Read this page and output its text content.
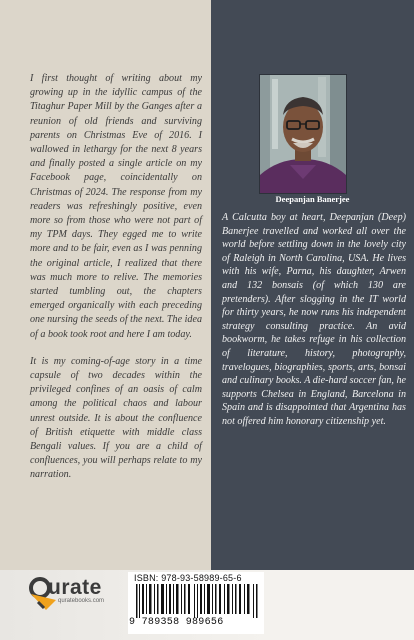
I first thought of writing about my growing up in the idyllic campus of the Titaghur Paper Mill by the Ganges after a reunion of old friends and surviving parents on Christmas Eve of 2016. I wallowed in lethargy for the next 8 years and finally posted a single article on my Facebook page, coincidentally on Christmas of 2024. The response from my readers was refreshingly positive, even more so from those who were not part of my TPM days. They egged me to write more and to be fair, even as I was penning the original article, I realized that there was much more to relive. The memories started tumbling out, the chapters emerged organically with each preceding one nursing the seeds of the next. The idea of a book took root and here I am today.

It is my coming-of-age story in a time capsule of two decades within the privileged confines of an oasis of calm among the political chaos and labour unrest outside. It is about the confluence of British etiquette with middle class Bengali values. If you are a child of confluences, you will perhaps relate to my narration.

Deepanjan Banerjee
A Calcutta boy at heart, Deepanjan (Deep) Banerjee travelled and worked all over the world before settling down in the lovely city of Raleigh in North Carolina, USA. He lives with his wife, Parna, his daughter, Arwen and 132 bonsais (of which 130 are pretenders). After slogging in the IT world for thirty years, he now runs his independent strategy consulting practice. An avid bookworm, he takes refuge in his collection of literature, history, photography, travelogues, biographies, sports, arts, bonsai and culinary books. A die-hard soccer fan, he supports Chelsea in England, Barcelona in Spain and is disappointed that Argentina has not offered him honorary citizenship yet.
urate
quratebooks.com
ISBN: 978-93-58989-65-6
9 789358 989656
